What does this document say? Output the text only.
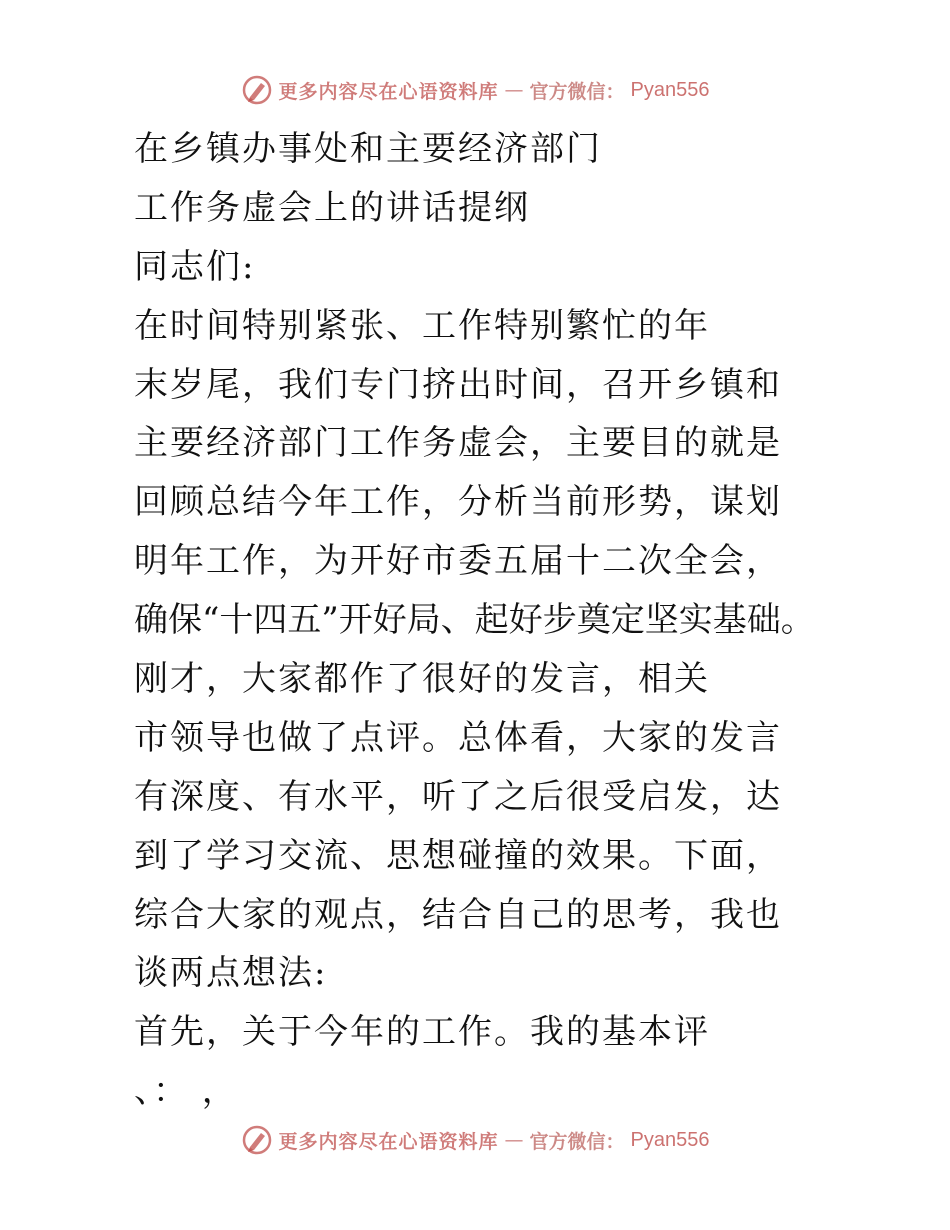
更多内容尽在心语资料库 — 官方微信： Pyan556
在乡镇办事处和主要经济部门
工作务虚会上的讲话提纲
同志们:
在时间特别紧张、工作特别繁忙的年
末岁尾，我们专门挤出时间，召开乡镇和
主要经济部门工作务虚会，主要目的就是
回顾总结今年工作，分析当前形势，谋划
明年工作，为开好市委五届十二次全会，
确保“十四五”开好局、起好步奠定坚实基础。
刚才，大家都作了很好的发言，相关
市领导也做了点评。总体看，大家的发言
有深度、有水平，听了之后很受启发，达
到了学习交流、思想碰撞的效果。下面，
综合大家的观点，结合自己的思考，我也
谈两点想法:
首先，关于今年的工作。我的基本评
、： ，
更多内容尽在心语资料库 — 官方微信： Pyan556
